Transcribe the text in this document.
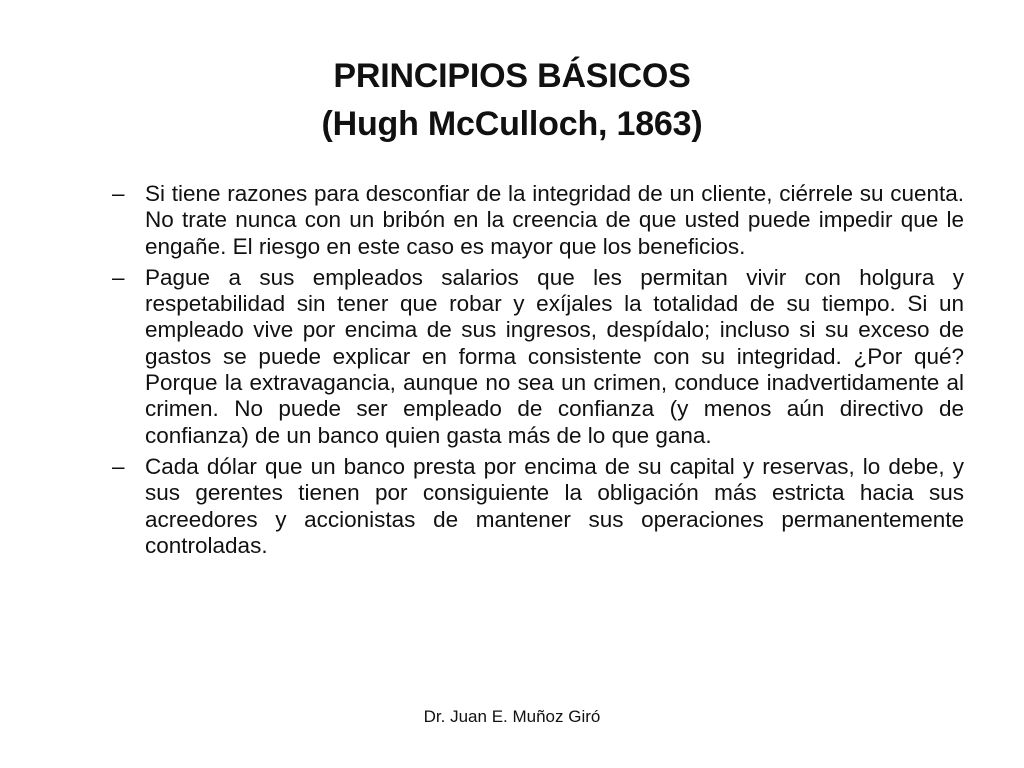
PRINCIPIOS BÁSICOS
(Hugh McCulloch, 1863)
– Si tiene razones para desconfiar de la integridad de un cliente, ciérrele su cuenta. No trate nunca con un bribón en la creencia de que usted puede impedir que le engañe. El riesgo en este caso es mayor que los beneficios.
– Pague a sus empleados salarios que les permitan vivir con holgura y respetabilidad sin tener que robar y exíjales la totalidad de su tiempo. Si un empleado vive por encima de sus ingresos, despídalo; incluso si su exceso de gastos se puede explicar en forma consistente con su integridad. ¿Por qué? Porque la extravagancia, aunque no sea un crimen, conduce inadvertidamente al crimen. No puede ser empleado de confianza (y menos aún directivo de confianza) de un banco quien gasta más de lo que gana.
– Cada dólar que un banco presta por encima de su capital y reservas, lo debe, y sus gerentes tienen por consiguiente la obligación más estricta hacia sus acreedores y accionistas de mantener sus operaciones permanentemente controladas.
Dr. Juan E. Muñoz Giró
